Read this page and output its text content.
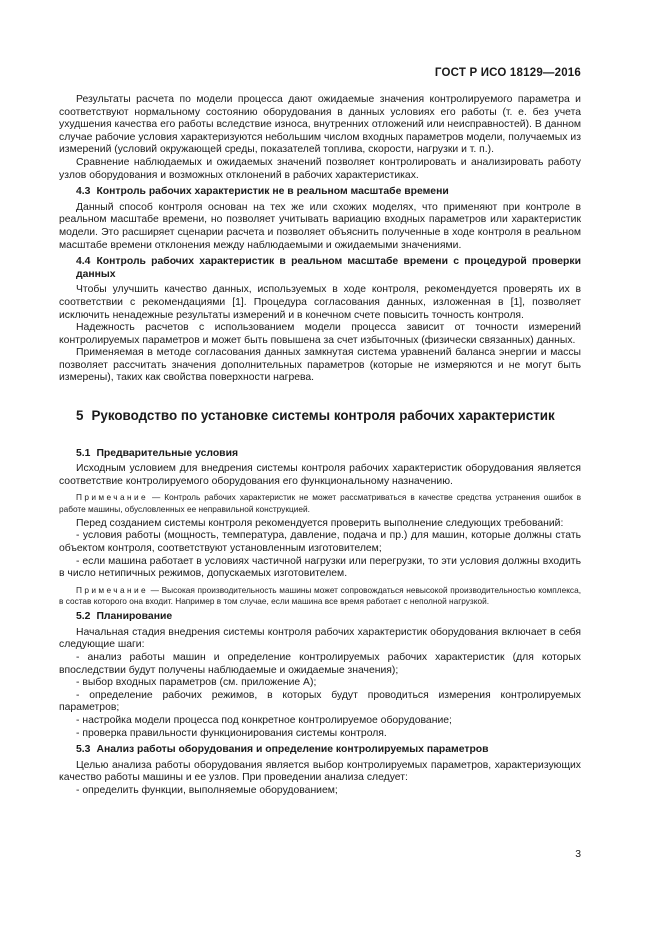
ГОСТ Р ИСО 18129—2016

Результаты расчета по модели процесса дают ожидаемые значения контролируемого параметра и соответствуют нормальному состоянию оборудования в данных условиях его работы (т. е. без учета ухудшения качества его работы вследствие износа, внутренних отложений или неисправностей). В данном случае рабочие условия характеризуются небольшим числом входных параметров модели, получаемых из измерений (условий окружающей среды, показателей топлива, скорости, нагрузки и т. п.).

Сравнение наблюдаемых и ожидаемых значений позволяет контролировать и анализировать работу узлов оборудования и возможных отклонений в рабочих характеристиках.

4.3 Контроль рабочих характеристик не в реальном масштабе времени

Данный способ контроля основан на тех же или схожих моделях, что применяют при контроле в реальном масштабе времени, но позволяет учитывать вариацию входных параметров или характеристик модели. Это расширяет сценарии расчета и позволяет объяснить полученные в ходе контроля в реальном масштабе времени отклонения между наблюдаемыми и ожидаемыми значениями.

4.4 Контроль рабочих характеристик в реальном масштабе времени с процедурой проверки данных

Чтобы улучшить качество данных, используемых в ходе контроля, рекомендуется проверять их в соответствии с рекомендациями [1]. Процедура согласования данных, изложенная в [1], позволяет исключить ненадежные результаты измерений и в конечном счете повысить точность контроля.

Надежность расчетов с использованием модели процесса зависит от точности измерений контролируемых параметров и может быть повышена за счет избыточных (физически связанных) данных.

Применяемая в методе согласования данных замкнутая система уравнений баланса энергии и массы позволяет рассчитать значения дополнительных параметров (которые не измеряются и не могут быть измерены), таких как свойства поверхности нагрева.

5 Руководство по установке системы контроля рабочих характеристик

5.1 Предварительные условия

Исходным условием для внедрения системы контроля рабочих характеристик оборудования является соответствие контролируемого оборудования его функциональному назначению.

Примечание — Контроль рабочих характеристик не может рассматриваться в качестве средства устранения ошибок в работе машины, обусловленных ее неправильной конструкцией.

Перед созданием системы контроля рекомендуется проверить выполнение следующих требований:

- условия работы (мощность, температура, давление, подача и пр.) для машин, которые должны стать объектом контроля, соответствуют установленным изготовителем;

- если машина работает в условиях частичной нагрузки или перегрузки, то эти условия должны входить в число нетипичных режимов, допускаемых изготовителем.

Примечание — Высокая производительность машины может сопровождаться невысокой производительностью комплекса, в состав которого она входит. Например в том случае, если машина все время работает с неполной нагрузкой.

5.2 Планирование

Начальная стадия внедрения системы контроля рабочих характеристик оборудования включает в себя следующие шаги:

- анализ работы машин и определение контролируемых рабочих характеристик (для которых впоследствии будут получены наблюдаемые и ожидаемые значения);

- выбор входных параметров (см. приложение А);

- определение рабочих режимов, в которых будут проводиться измерения контролируемых параметров;

- настройка модели процесса под конкретное контролируемое оборудование;

- проверка правильности функционирования системы контроля.

5.3 Анализ работы оборудования и определение контролируемых параметров

Целью анализа работы оборудования является выбор контролируемых параметров, характеризующих качество работы машины и ее узлов. При проведении анализа следует:

- определить функции, выполняемые оборудованием;

3
